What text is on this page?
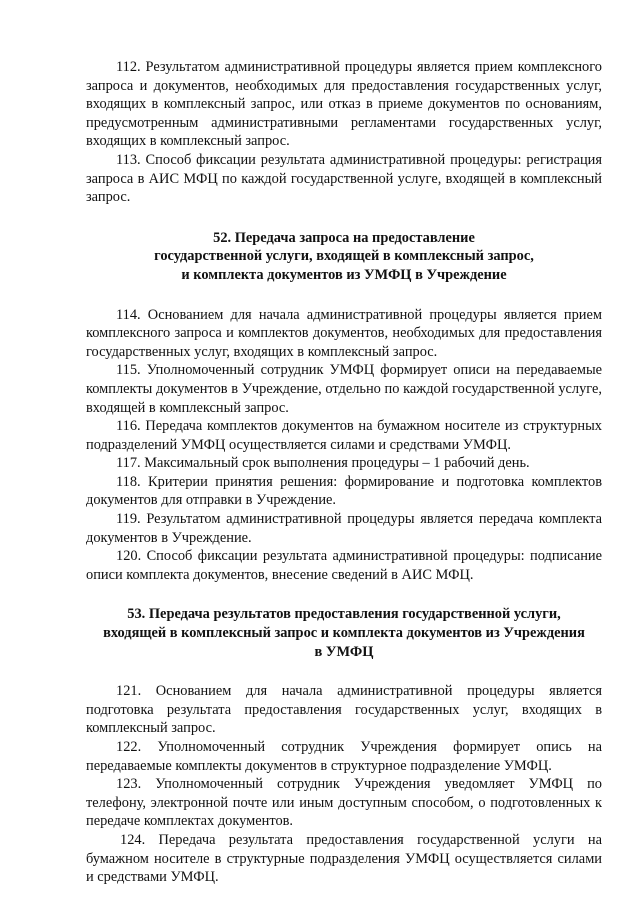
112. Результатом административной процедуры является прием комплексного запроса и документов, необходимых для предоставления государственных услуг, входящих в комплексный запрос, или отказ в приеме документов по основаниям, предусмотренным административными регламентами государственных услуг, входящих в комплексный запрос.

113. Способ фиксации результата административной процедуры: регистрация запроса в АИС МФЦ по каждой государственной услуге, входящей в комплексный запрос.

52. Передача запроса на предоставление
государственной услуги, входящей в комплексный запрос,
и комплекта документов из УМФЦ в Учреждение

114. Основанием для начала административной процедуры является прием комплексного запроса и комплектов документов, необходимых для предоставления государственных услуг, входящих в комплексный запрос.

115. Уполномоченный сотрудник УМФЦ формирует описи на передаваемые комплекты документов в Учреждение, отдельно по каждой государственной услуге, входящей в комплексный запрос.

116. Передача комплектов документов на бумажном носителе из структурных подразделений УМФЦ осуществляется силами и средствами УМФЦ.

117. Максимальный срок выполнения процедуры – 1 рабочий день.

118. Критерии принятия решения: формирование и подготовка комплектов документов для отправки в Учреждение.

119. Результатом административной процедуры является передача комплекта документов в Учреждение.

120. Способ фиксации результата административной процедуры: подписание описи комплекта документов, внесение сведений в АИС МФЦ.

53. Передача результатов предоставления государственной услуги,
входящей в комплексный запрос и комплекта документов из Учреждения
в УМФЦ

121. Основанием для начала административной процедуры является подготовка результата предоставления государственных услуг, входящих в комплексный запрос.

122. Уполномоченный сотрудник Учреждения формирует опись на передаваемые комплекты документов в структурное подразделение УМФЦ.

123. Уполномоченный сотрудник Учреждения уведомляет УМФЦ по телефону, электронной почте или иным доступным способом, о подготовленных к передаче комплектах документов.

124. Передача результата предоставления государственной услуги на бумажном носителе в структурные подразделения УМФЦ осуществляется силами и средствами УМФЦ.
